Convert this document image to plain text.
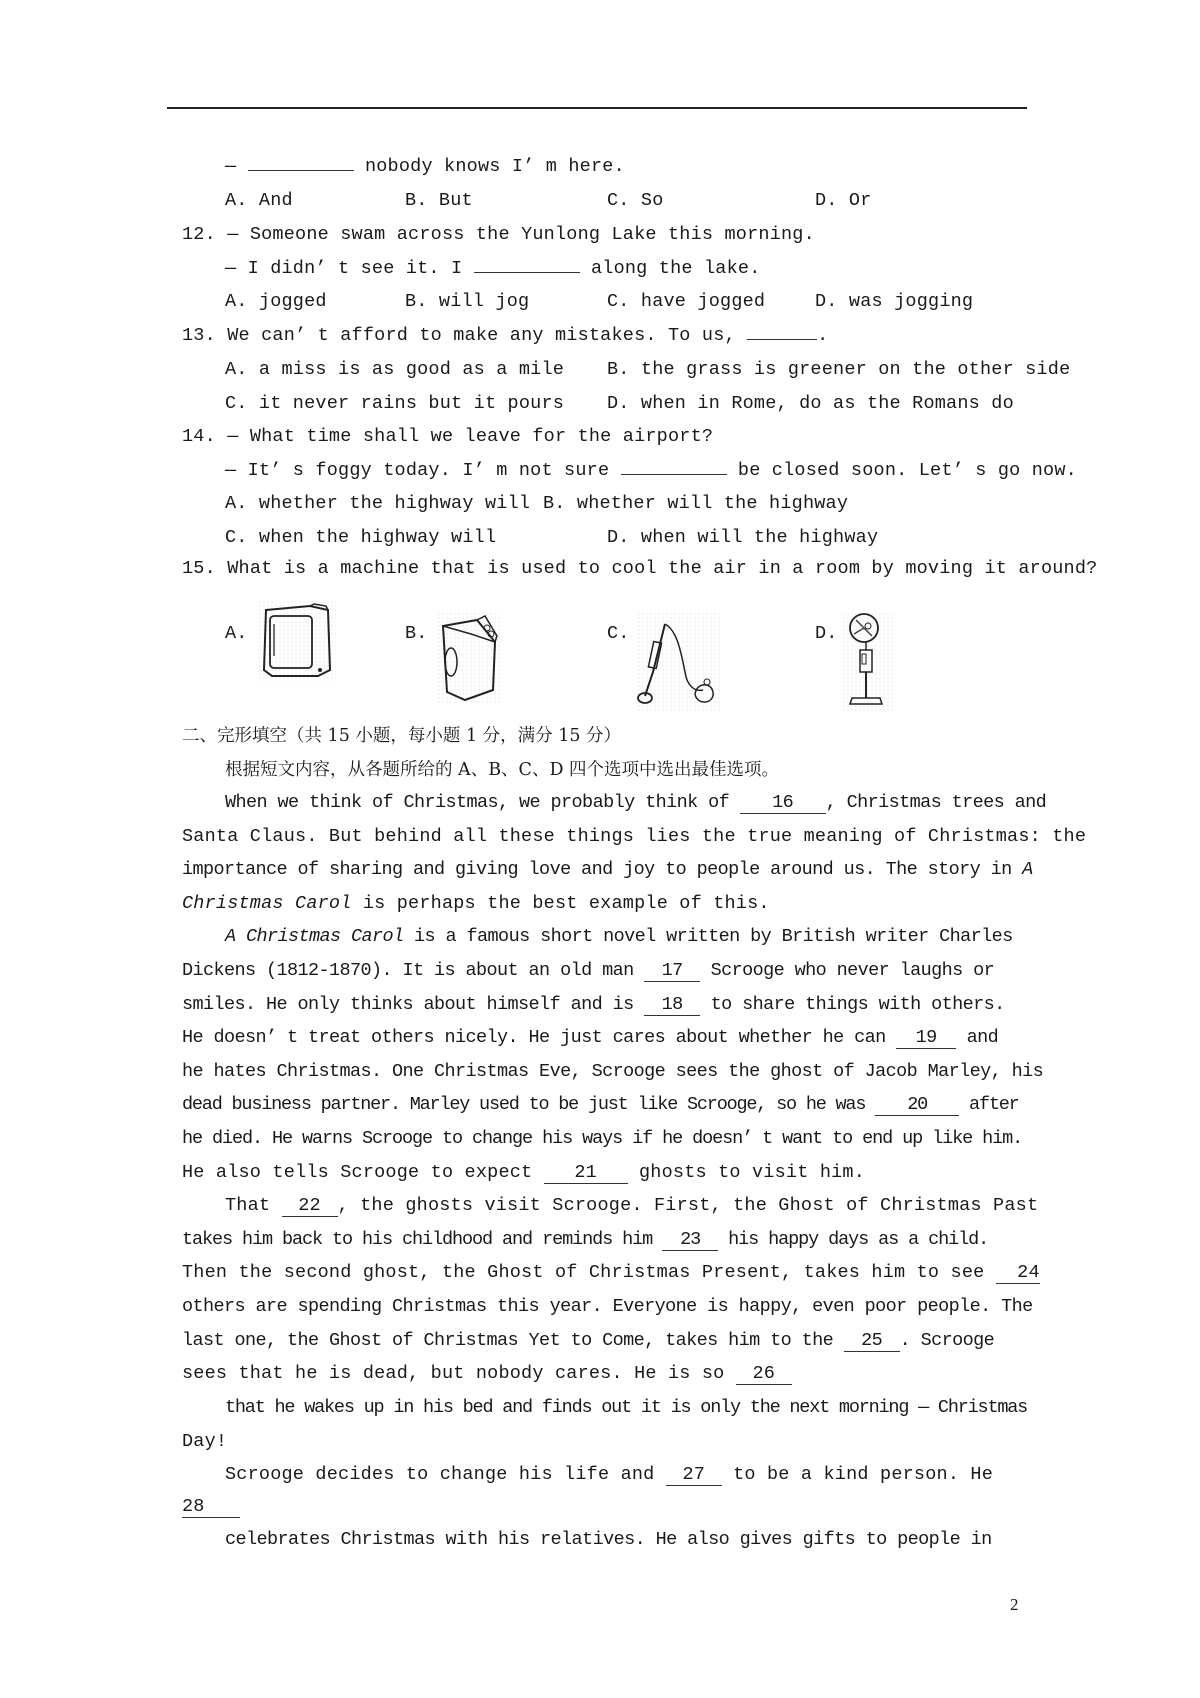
—	nobody knows I’ m here.
A. And	B. But	C. So	D. Or
12. — Someone swam across the Yunlong Lake this morning.
— I didn’ t see it. I	along the lake.
A. jogged	B. will jog	C. have jogged	D. was jogging
13. We can’ t afford to make any mistakes. To us,	.
A. a miss is as good as a mile B. the grass is greener on the other side
C. it never rains but it pours D. when in Rome, do as the Romans do
14. — What time shall we leave for the airport?
— It’ s foggy today. I’ m not sure	be closed soon. Let’ s go now.
A. whether the highway will B. whether will the highway
C. when the highway will	D. when will the highway
15. What is a machine that is used to cool the air in a room by moving it around?
A.	B.	C.	D.
二、完形填空（共 15 小题，每小题 1 分，满分 15 分）
根据短文内容，从各题所给的 A、B、C、D 四个选项中选出最佳选项。
When we think of Christmas, we probably think of 16 , Christmas trees and
Santa Claus. But behind all these things lies the true meaning of Christmas: the
importance of sharing and giving love and joy to people around us. The story in A
Christmas Carol is perhaps the best example of this.
A Christmas Carol is a famous short novel written by British writer Charles
Dickens (1812-1870). It is about an old man 17 Scrooge who never laughs or
smiles. He only thinks about himself and is 18 to share things with others.
He doesn’ t treat others nicely. He just cares about whether he can 19 and
he hates Christmas. One Christmas Eve, Scrooge sees the ghost of Jacob Marley, his
dead business partner. Marley used to be just like Scrooge, so he was 20 after
he died. He warns Scrooge to change his ways if he doesn’ t want to end up like him.
He also tells Scrooge to expect 21 ghosts to visit him.
That 22 , the ghosts visit Scrooge. First, the Ghost of Christmas Past
takes him back to his childhood and reminds him 23 his happy days as a child.
Then the second ghost, the Ghost of Christmas Present, takes him to see 24
others are spending Christmas this year. Everyone is happy, even poor people. The
last one, the Ghost of Christmas Yet to Come, takes him to the 25 . Scrooge
sees that he is dead, but nobody cares. He is so 26
that he wakes up in his bed and finds out it is only the next morning — Christmas
Day!
Scrooge decides to change his life and 27 to be a kind person. He
28
celebrates Christmas with his relatives. He also gives gifts to people in
2
